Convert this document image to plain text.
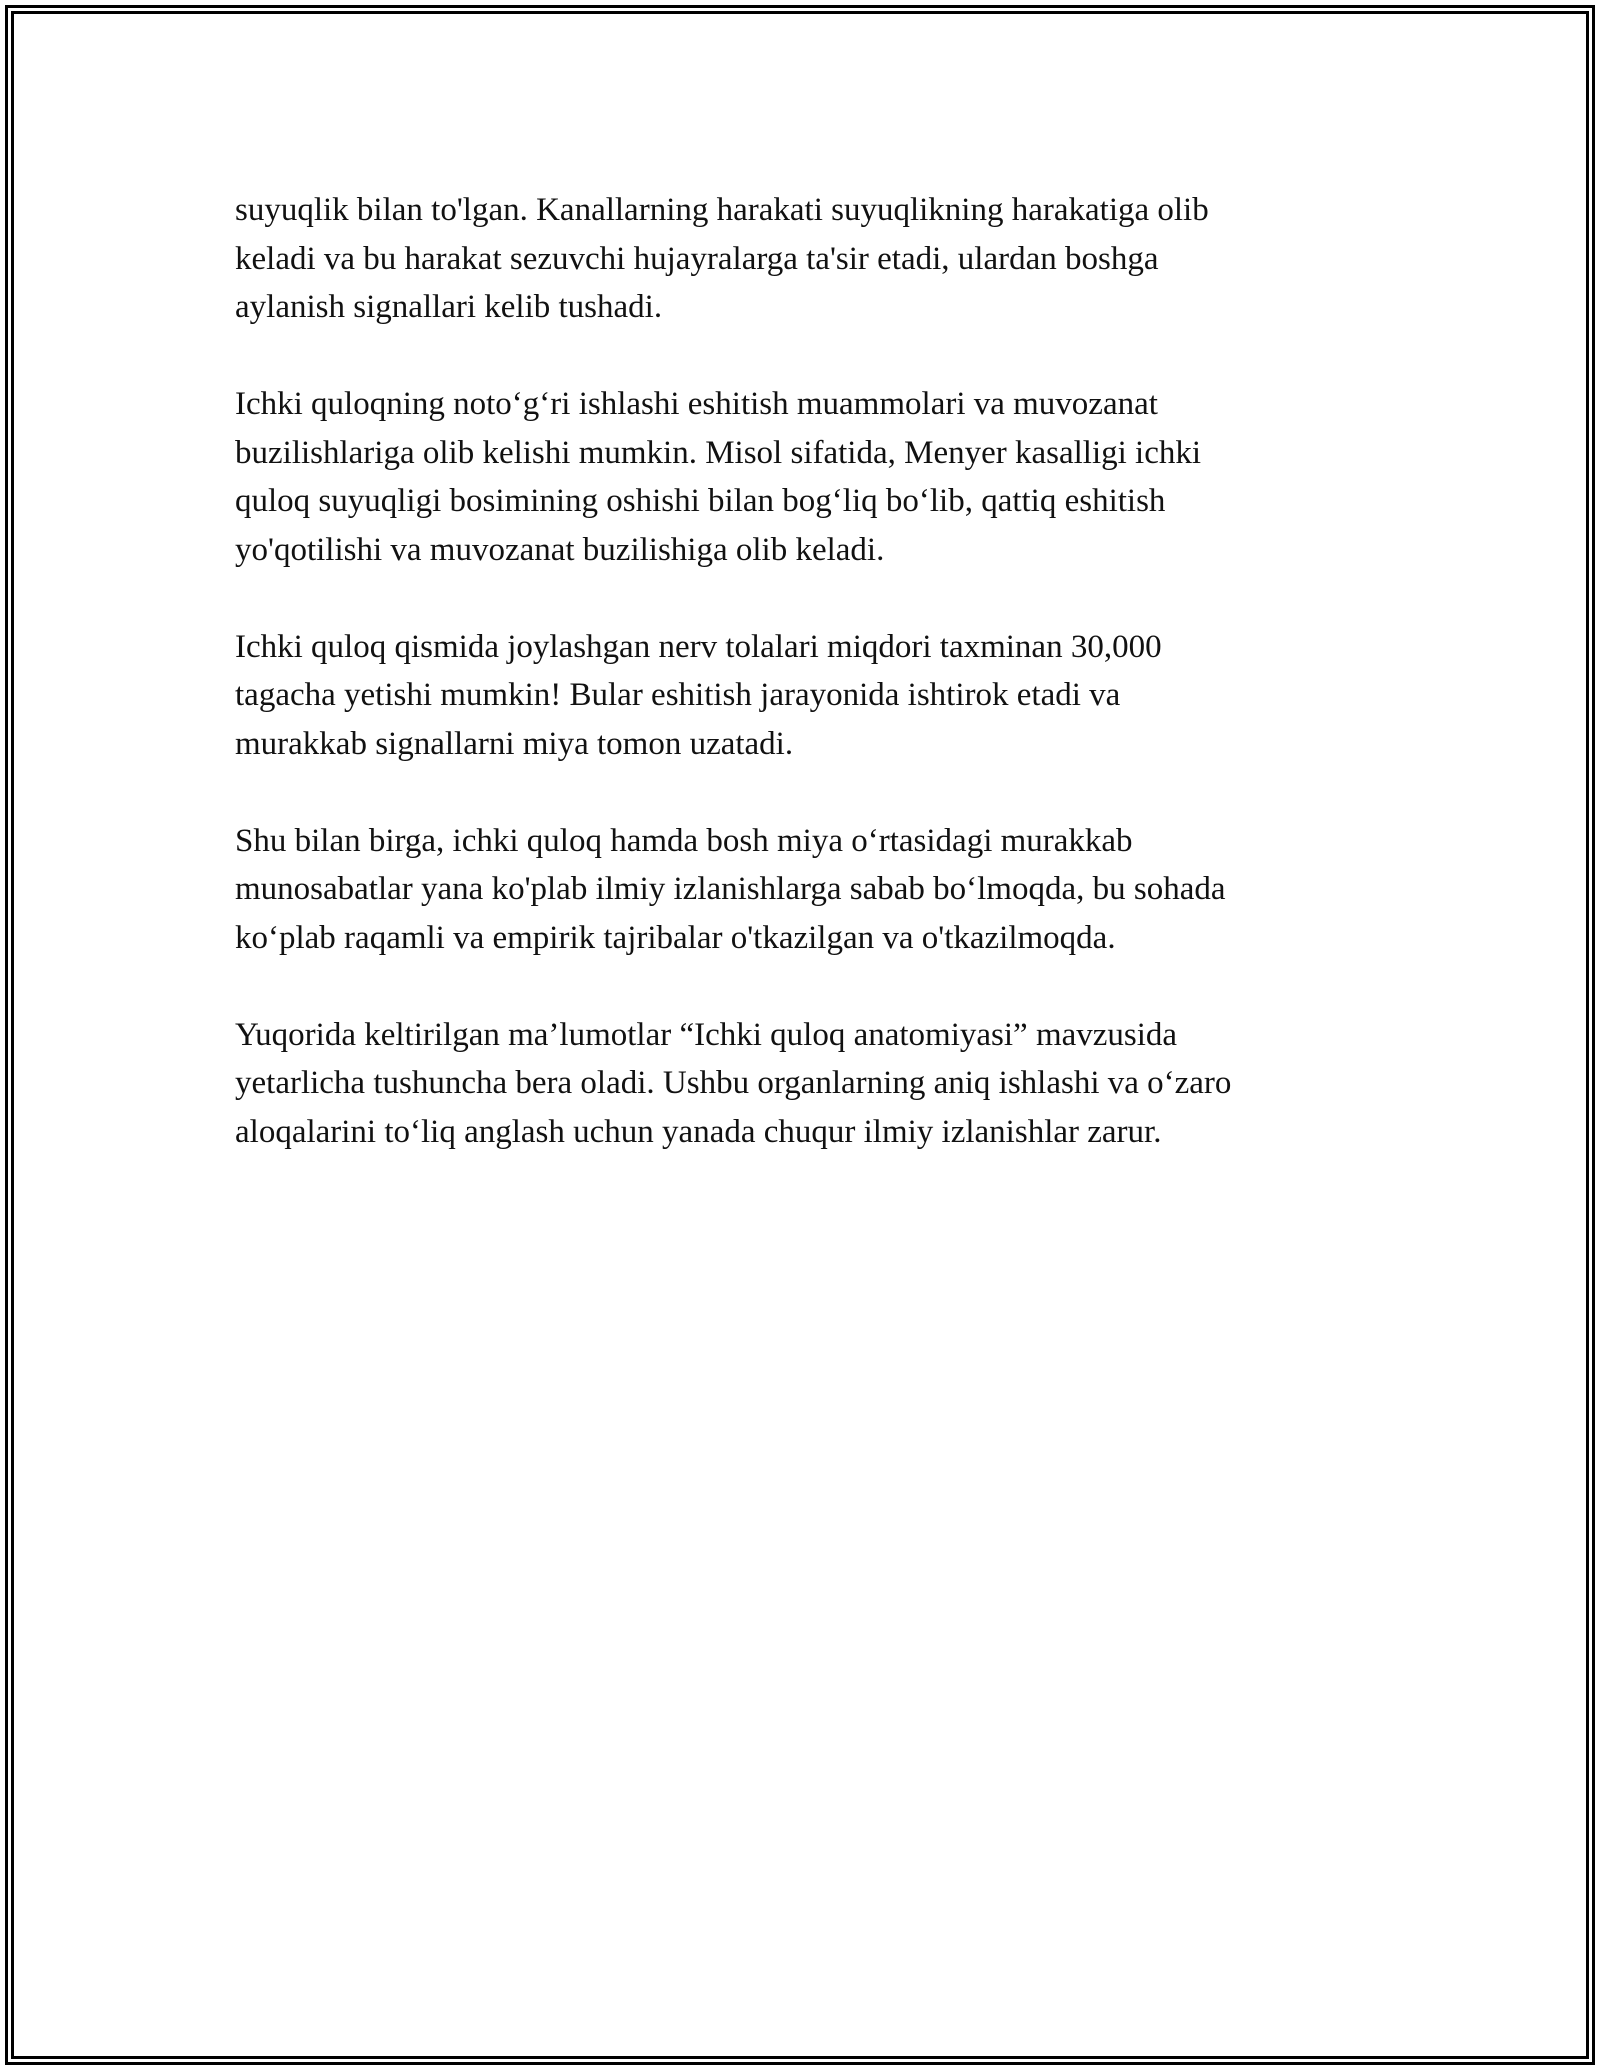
suyuqlik bilan to'lgan. Kanallarning harakati suyuqlikning harakatiga olib
keladi va bu harakat sezuvchi hujayralarga ta'sir etadi, ulardan boshga
aylanish signallari kelib tushadi.

Ichki quloqning noto‘g‘ri ishlashi eshitish muammolari va muvozanat
buzilishlariga olib kelishi mumkin. Misol sifatida, Menyer kasalligi ichki
quloq suyuqligi bosimining oshishi bilan bog‘liq bo‘lib, qattiq eshitish
yo'qotilishi va muvozanat buzilishiga olib keladi.

Ichki quloq qismida joylashgan nerv tolalari miqdori taxminan 30,000
tagacha yetishi mumkin! Bular eshitish jarayonida ishtirok etadi va
murakkab signallarni miya tomon uzatadi.

Shu bilan birga, ichki quloq hamda bosh miya o‘rtasidagi murakkab
munosabatlar yana ko'plab ilmiy izlanishlarga sabab bo‘lmoqda, bu sohada
ko‘plab raqamli va empirik tajribalar o'tkazilgan va o'tkazilmoqda.

Yuqorida keltirilgan ma’lumotlar “Ichki quloq anatomiyasi” mavzusida
yetarlicha tushuncha bera oladi. Ushbu organlarning aniq ishlashi va o‘zaro
aloqalarini to‘liq anglash uchun yanada chuqur ilmiy izlanishlar zarur.
